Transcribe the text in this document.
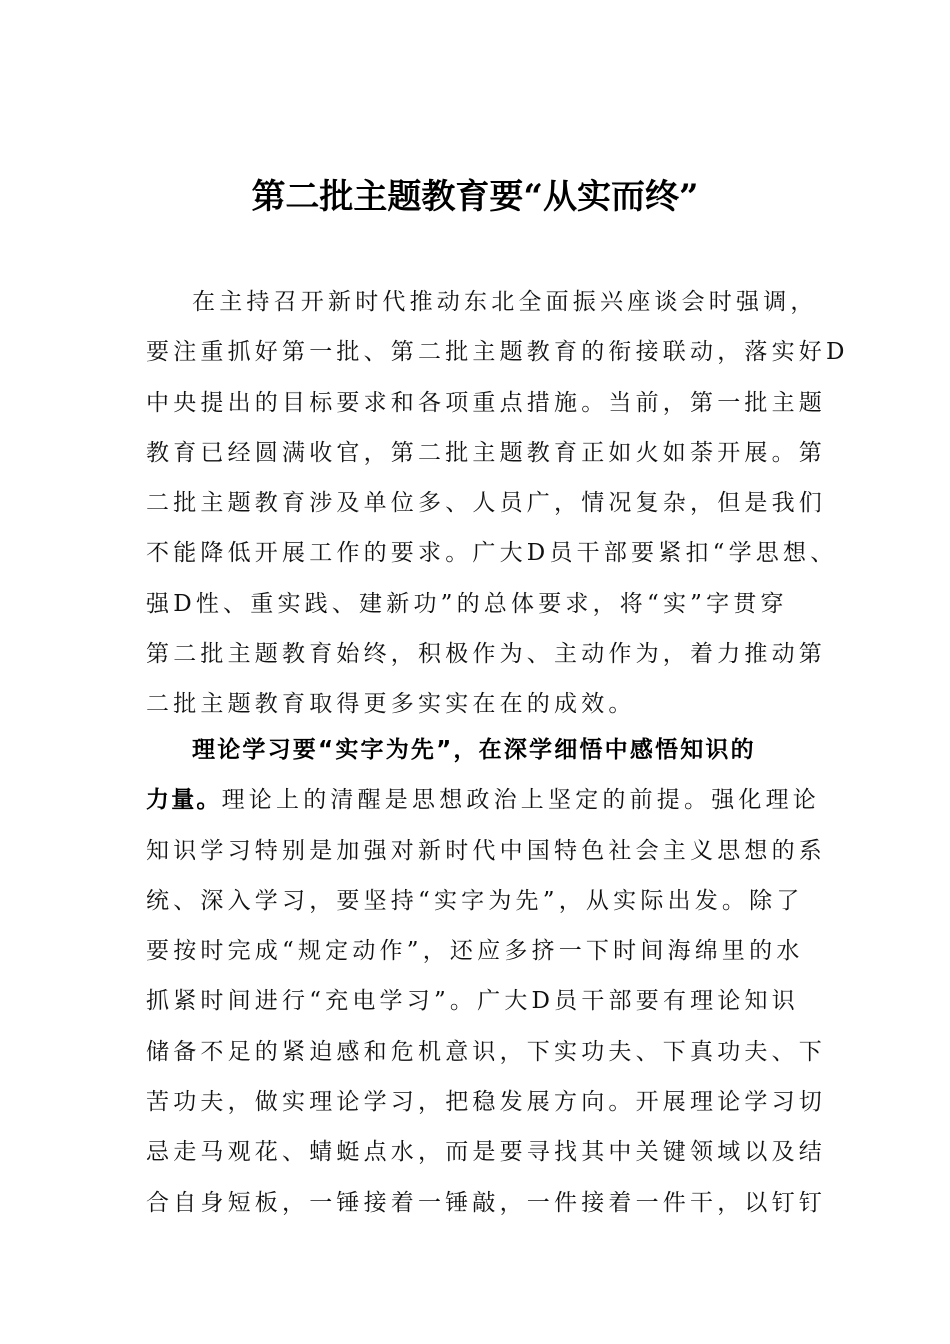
第二批主题教育要“从实而终”
在主持召开新时代推动东北全面振兴座谈会时强调，
要注重抓好第一批、第二批主题教育的衔接联动，落实好D
中央提出的目标要求和各项重点措施。当前，第一批主题
教育已经圆满收官，第二批主题教育正如火如荼开展。第
二批主题教育涉及单位多、人员广，情况复杂，但是我们
不能降低开展工作的要求。广大D员干部要紧扣“学思想、
强D性、重实践、建新功”的总体要求，将“实”字贯穿
第二批主题教育始终，积极作为、主动作为，着力推动第
二批主题教育取得更多实实在在的成效。
理论学习要“实字为先”，在深学细悟中感悟知识的
力量。理论上的清醒是思想政治上坚定的前提。强化理论
知识学习特别是加强对新时代中国特色社会主义思想的系
统、深入学习，要坚持“实字为先”，从实际出发。除了
要按时完成“规定动作”，还应多挤一下时间海绵里的水
抓紧时间进行“充电学习”。广大D员干部要有理论知识
储备不足的紧迫感和危机意识，下实功夫、下真功夫、下
苦功夫，做实理论学习，把稳发展方向。开展理论学习切
忌走马观花、蜻蜓点水，而是要寻找其中关键领域以及结
合自身短板，一锤接着一锤敲，一件接着一件干，以钉钉
